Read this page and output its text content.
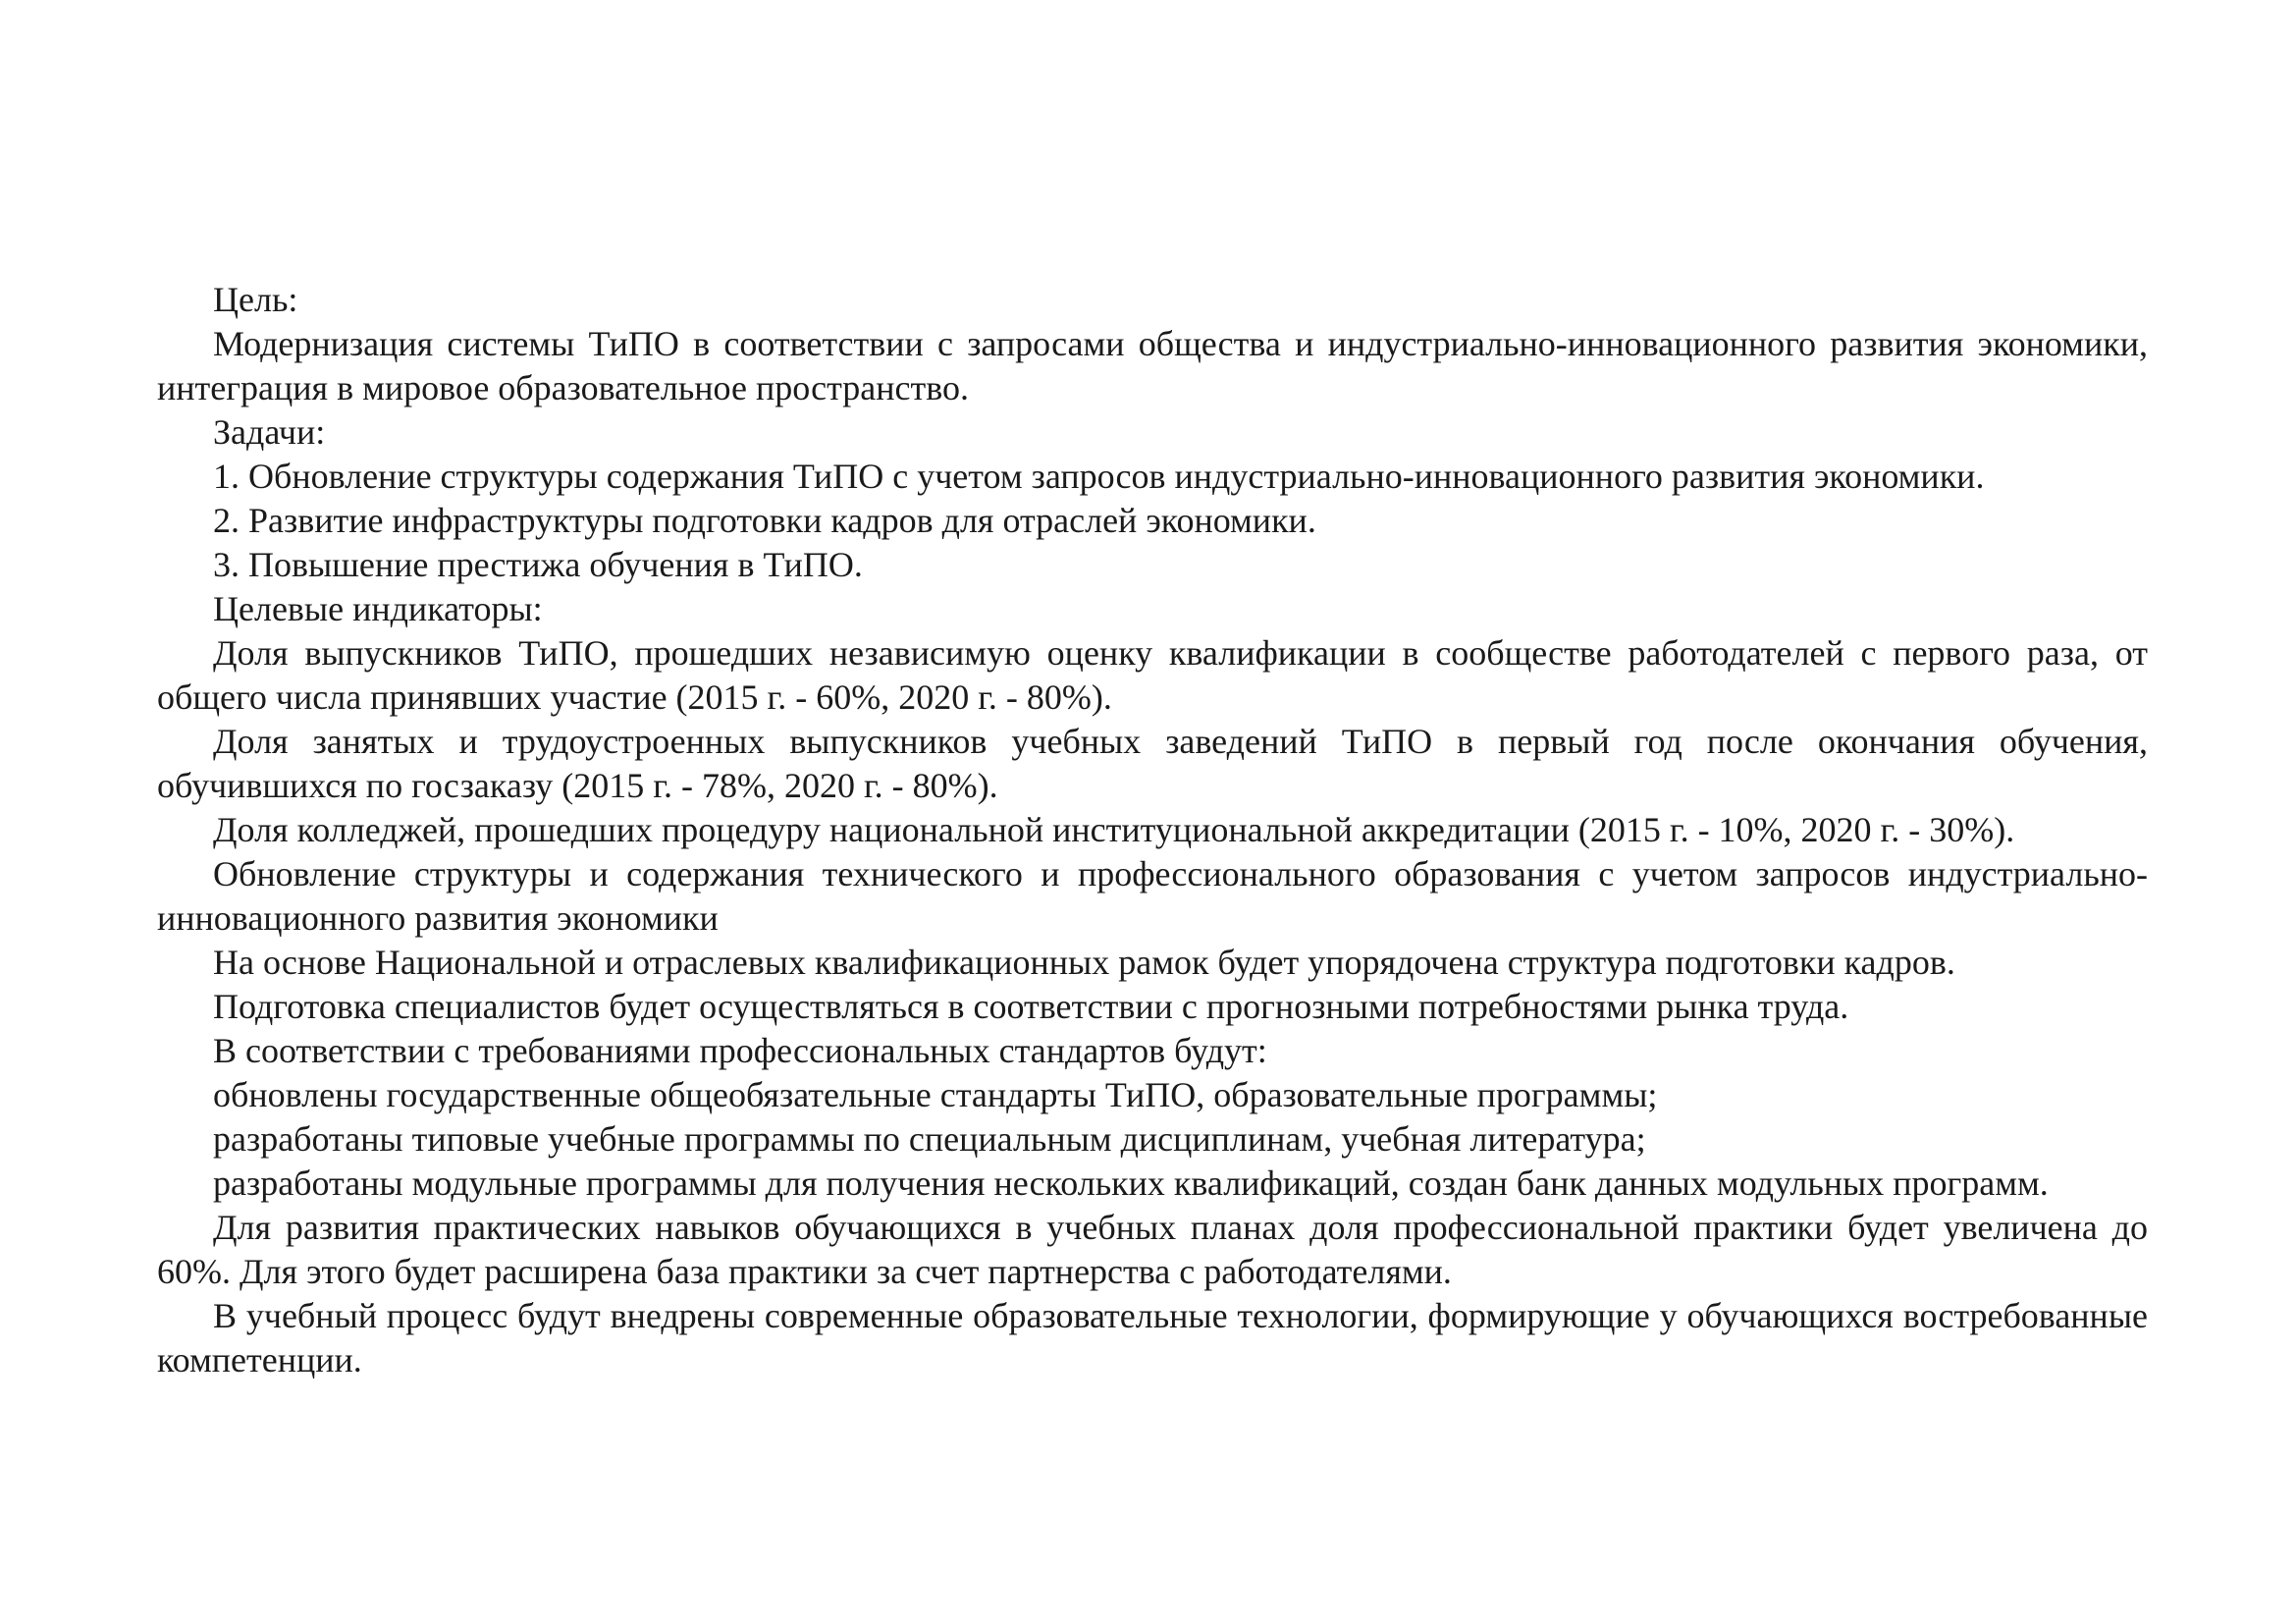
Цель:

Модернизация системы ТиПО в соответствии с запросами общества и индустриально-инновационного развития экономики, интеграция в мировое образовательное пространство.

Задачи:

1. Обновление структуры содержания ТиПО с учетом запросов индустриально-инновационного развития экономики.

2. Развитие инфраструктуры подготовки кадров для отраслей экономики.

3. Повышение престижа обучения в ТиПО.

Целевые индикаторы:

Доля выпускников ТиПО, прошедших независимую оценку квалификации в сообществе работодателей с первого раза, от общего числа принявших участие (2015 г. - 60%, 2020 г. - 80%).

Доля занятых и трудоустроенных выпускников учебных заведений ТиПО в первый год после окончания обучения, обучившихся по госзаказу (2015 г. - 78%, 2020 г. - 80%).

Доля колледжей, прошедших процедуру национальной институциональной аккредитации (2015 г. - 10%, 2020 г. - 30%).

Обновление структуры и содержания технического и профессионального образования с учетом запросов индустриально-инновационного развития экономики

На основе Национальной и отраслевых квалификационных рамок будет упорядочена структура подготовки кадров.

Подготовка специалистов будет осуществляться в соответствии с прогнозными потребностями рынка труда.

В соответствии с требованиями профессиональных стандартов будут:

обновлены государственные общеобязательные стандарты ТиПО, образовательные программы;

разработаны типовые учебные программы по специальным дисциплинам, учебная литература;

разработаны модульные программы для получения нескольких квалификаций, создан банк данных модульных программ.

Для развития практических навыков обучающихся в учебных планах доля профессиональной практики будет увеличена до 60%. Для этого будет расширена база практики за счет партнерства с работодателями.

В учебный процесс будут внедрены современные образовательные технологии, формирующие у обучающихся востребованные компетенции.
